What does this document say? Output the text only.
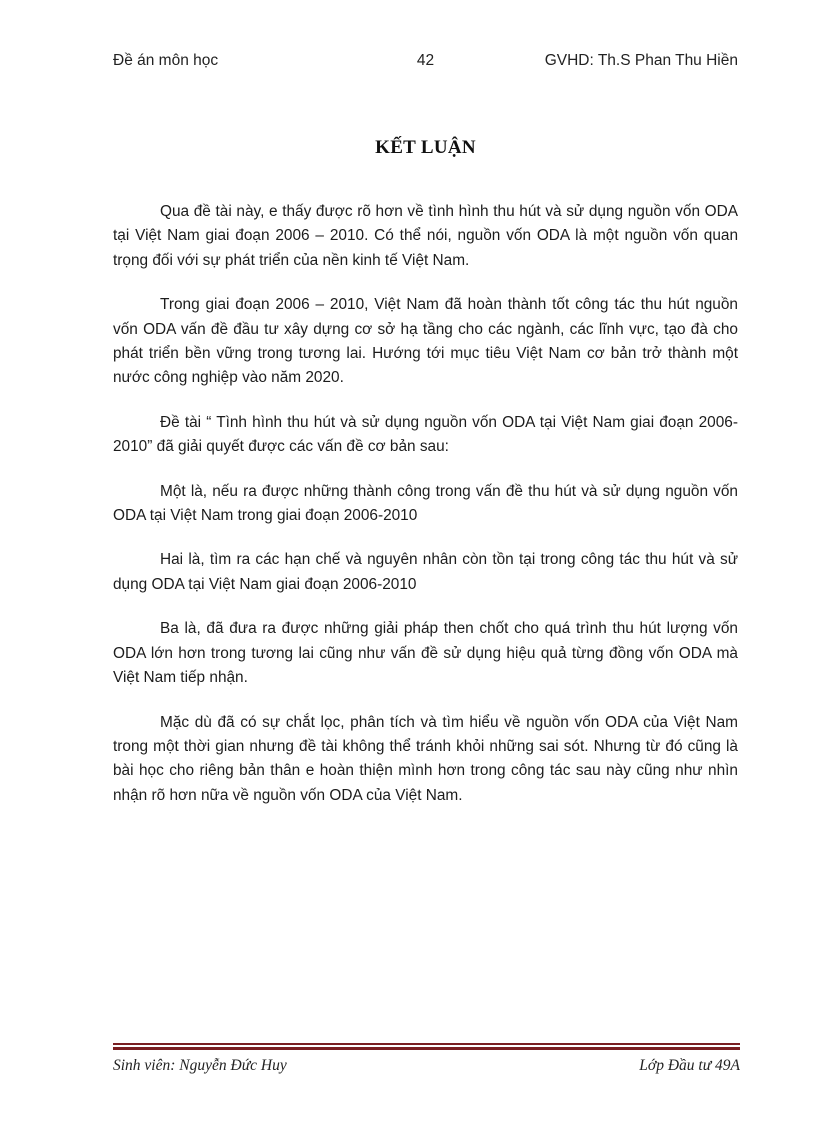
Đề án môn học	42	GVHD: Th.S Phan Thu Hiền
KẾT LUẬN

Qua đề tài này, e thấy được rõ hơn về tình hình thu hút và sử dụng nguồn vốn ODA tại Việt Nam giai đoạn 2006 – 2010. Có thể nói, nguồn vốn ODA là một nguồn vốn quan trọng đối với sự phát triển của nền kinh tế Việt Nam.

Trong giai đoạn 2006 – 2010, Việt Nam đã hoàn thành tốt công tác thu hút nguồn vốn ODA vấn đề đầu tư xây dựng cơ sở hạ tầng cho các ngành, các lĩnh vực, tạo đà cho phát triển bền vững trong tương lai. Hướng tới mục tiêu Việt Nam cơ bản trở thành một nước công nghiệp vào năm 2020.

Đề tài “ Tình hình thu hút và sử dụng nguồn vốn ODA tại Việt Nam giai đoạn 2006-2010” đã giải quyết được các vấn đề cơ bản sau:

Một là, nếu ra được những thành công trong vấn đề thu hút và sử dụng nguồn vốn ODA tại Việt Nam trong giai đoạn 2006-2010

Hai là, tìm ra các hạn chế và nguyên nhân còn tồn tại trong công tác thu hút và sử dụng ODA tại Việt Nam giai đoạn 2006-2010

Ba là, đã đưa ra được những giải pháp then chốt cho quá trình thu hút lượng vốn ODA lớn hơn trong tương lai cũng như vấn đề sử dụng hiệu quả từng đồng vốn ODA mà Việt Nam tiếp nhận.

Mặc dù đã có sự chắt lọc, phân tích và tìm hiểu về nguồn vốn ODA của Việt Nam trong một thời gian nhưng đề tài không thể tránh khỏi những sai sót. Nhưng từ đó cũng là bài học cho riêng bản thân e hoàn thiện mình hơn trong công tác sau này cũng như nhìn nhận rõ hơn nữa về nguồn vốn ODA của Việt Nam.

Sinh viên: Nguyễn Đức Huy	Lớp Đầu tư 49A
